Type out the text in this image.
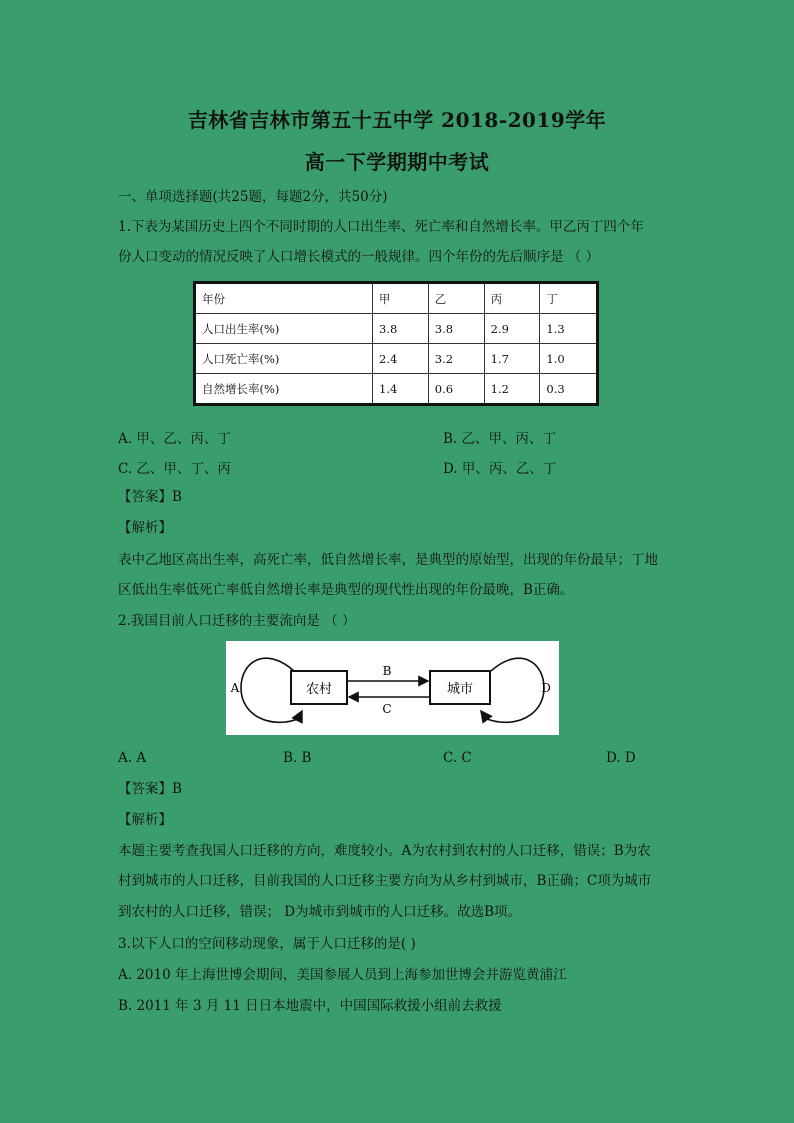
吉林省吉林市第五十五中学 2018-2019学年
高一下学期期中考试
一、单项选择题(共25题，每题2分，共50分)
1.下表为某国历史上四个不同时期的人口出生率、死亡率和自然增长率。甲乙丙丁四个年
份人口变动的情况反映了人口增长模式的一般规律。四个年份的先后顺序是 （ ）
年份	甲	乙	丙	丁
人口出生率(%)	3.8	3.8	2.9	1.3
人口死亡率(%)	2.4	3.2	1.7	1.0
自然增长率(%)	1.4	0.6	1.2	0.3
A. 甲、乙、丙、丁	B. 乙、甲、丙、丁
C. 乙、甲、丁、丙	D. 甲、丙、乙、丁
【答案】B
【解析】
表中乙地区高出生率，高死亡率，低自然增长率，是典型的原始型，出现的年份最早；丁地
区低出生率低死亡率低自然增长率是典型的现代性出现的年份最晚，B正确。
2.我国目前人口迁移的主要流向是 （ ）
农村	城市
B
C
A	D
A. A	B. B	C. C	D. D
【答案】B
【解析】
本题主要考查我国人口迁移的方向，难度较小。A为农村到农村的人口迁移，错误；B为农
村到城市的人口迁移，目前我国的人口迁移主要方向为从乡村到城市，B正确；C项为城市
到农村的人口迁移，错误； D为城市到城市的人口迁移。故选B项。
3.以下人口的空间移动现象，属于人口迁移的是( )
A. 2010 年上海世博会期间，美国参展人员到上海参加世博会并游览黄浦江
B. 2011 年 3 月 11 日日本地震中，中国国际救援小组前去救援
